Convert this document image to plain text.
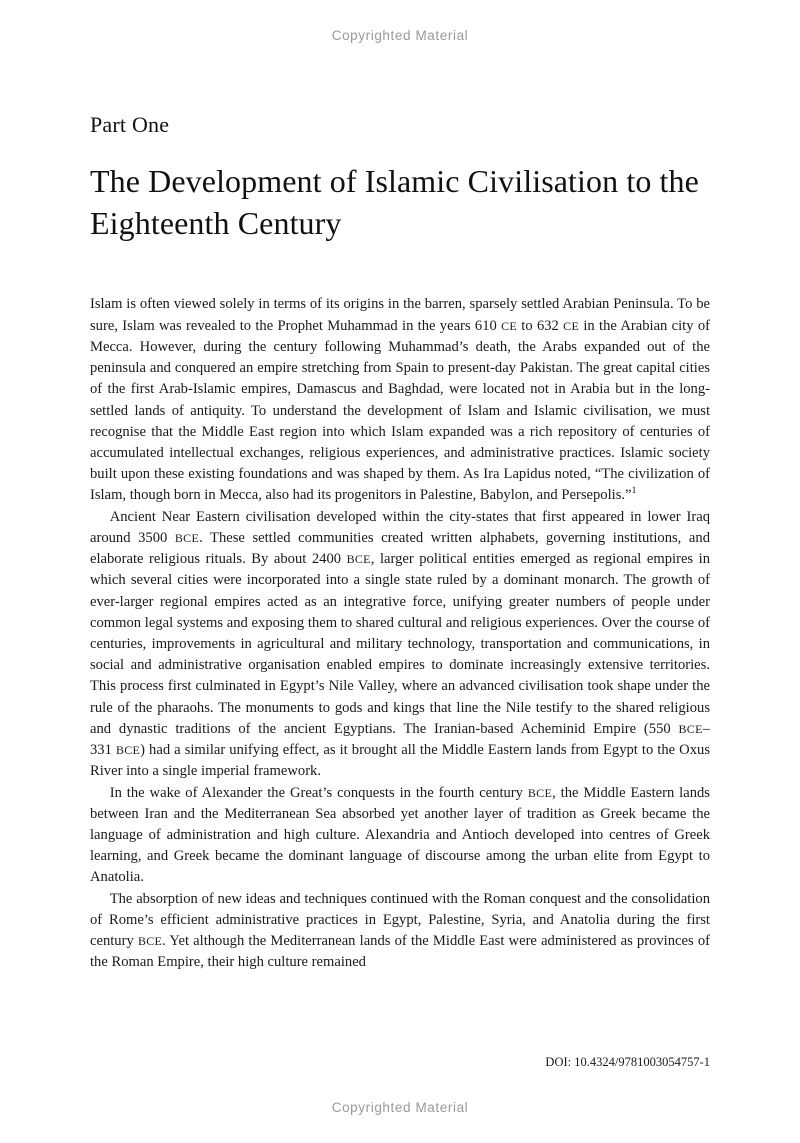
Copyrighted Material
Part One
The Development of Islamic Civilisation to the Eighteenth Century

Islam is often viewed solely in terms of its origins in the barren, sparsely settled Arabian Peninsula. To be sure, Islam was revealed to the Prophet Muhammad in the years 610 CE to 632 CE in the Arabian city of Mecca. However, during the century following Muhammad’s death, the Arabs expanded out of the peninsula and conquered an empire stretching from Spain to present-day Pakistan. The great capital cities of the first Arab-Islamic empires, Damascus and Baghdad, were located not in Arabia but in the long-settled lands of antiquity. To understand the development of Islam and Islamic civilisation, we must recognise that the Middle East region into which Islam expanded was a rich repository of centuries of accumulated intellectual exchanges, religious experiences, and administrative practices. Islamic society built upon these existing foundations and was shaped by them. As Ira Lapidus noted, “The civilization of Islam, though born in Mecca, also had its progenitors in Palestine, Babylon, and Persepolis.”$^1$

Ancient Near Eastern civilisation developed within the city-states that first appeared in lower Iraq around 3500 BCE. These settled communities created written alphabets, governing institutions, and elaborate religious rituals. By about 2400 BCE, larger political entities emerged as regional empires in which several cities were incorporated into a single state ruled by a dominant monarch. The growth of ever-larger regional empires acted as an integrative force, unifying greater numbers of people under common legal systems and exposing them to shared cultural and religious experiences. Over the course of centuries, improvements in agricultural and military technology, transportation and communications, in social and administrative organisation enabled empires to dominate increasingly extensive territories. This process first culminated in Egypt’s Nile Valley, where an advanced civilisation took shape under the rule of the pharaohs. The monuments to gods and kings that line the Nile testify to the shared religious and dynastic traditions of the ancient Egyptians. The Iranian-based Acheminid Empire (550 BCE–331 BCE) had a similar unifying effect, as it brought all the Middle Eastern lands from Egypt to the Oxus River into a single imperial framework.

In the wake of Alexander the Great’s conquests in the fourth century BCE, the Middle Eastern lands between Iran and the Mediterranean Sea absorbed yet another layer of tradition as Greek became the language of administration and high culture. Alexandria and Antioch developed into centres of Greek learning, and Greek became the dominant language of discourse among the urban elite from Egypt to Anatolia.

The absorption of new ideas and techniques continued with the Roman conquest and the consolidation of Rome’s efficient administrative practices in Egypt, Palestine, Syria, and Anatolia during the first century BCE. Yet although the Mediterranean lands of the Middle East were administered as provinces of the Roman Empire, their high culture remained

DOI: 10.4324/9781003054757-1
Copyrighted Material
